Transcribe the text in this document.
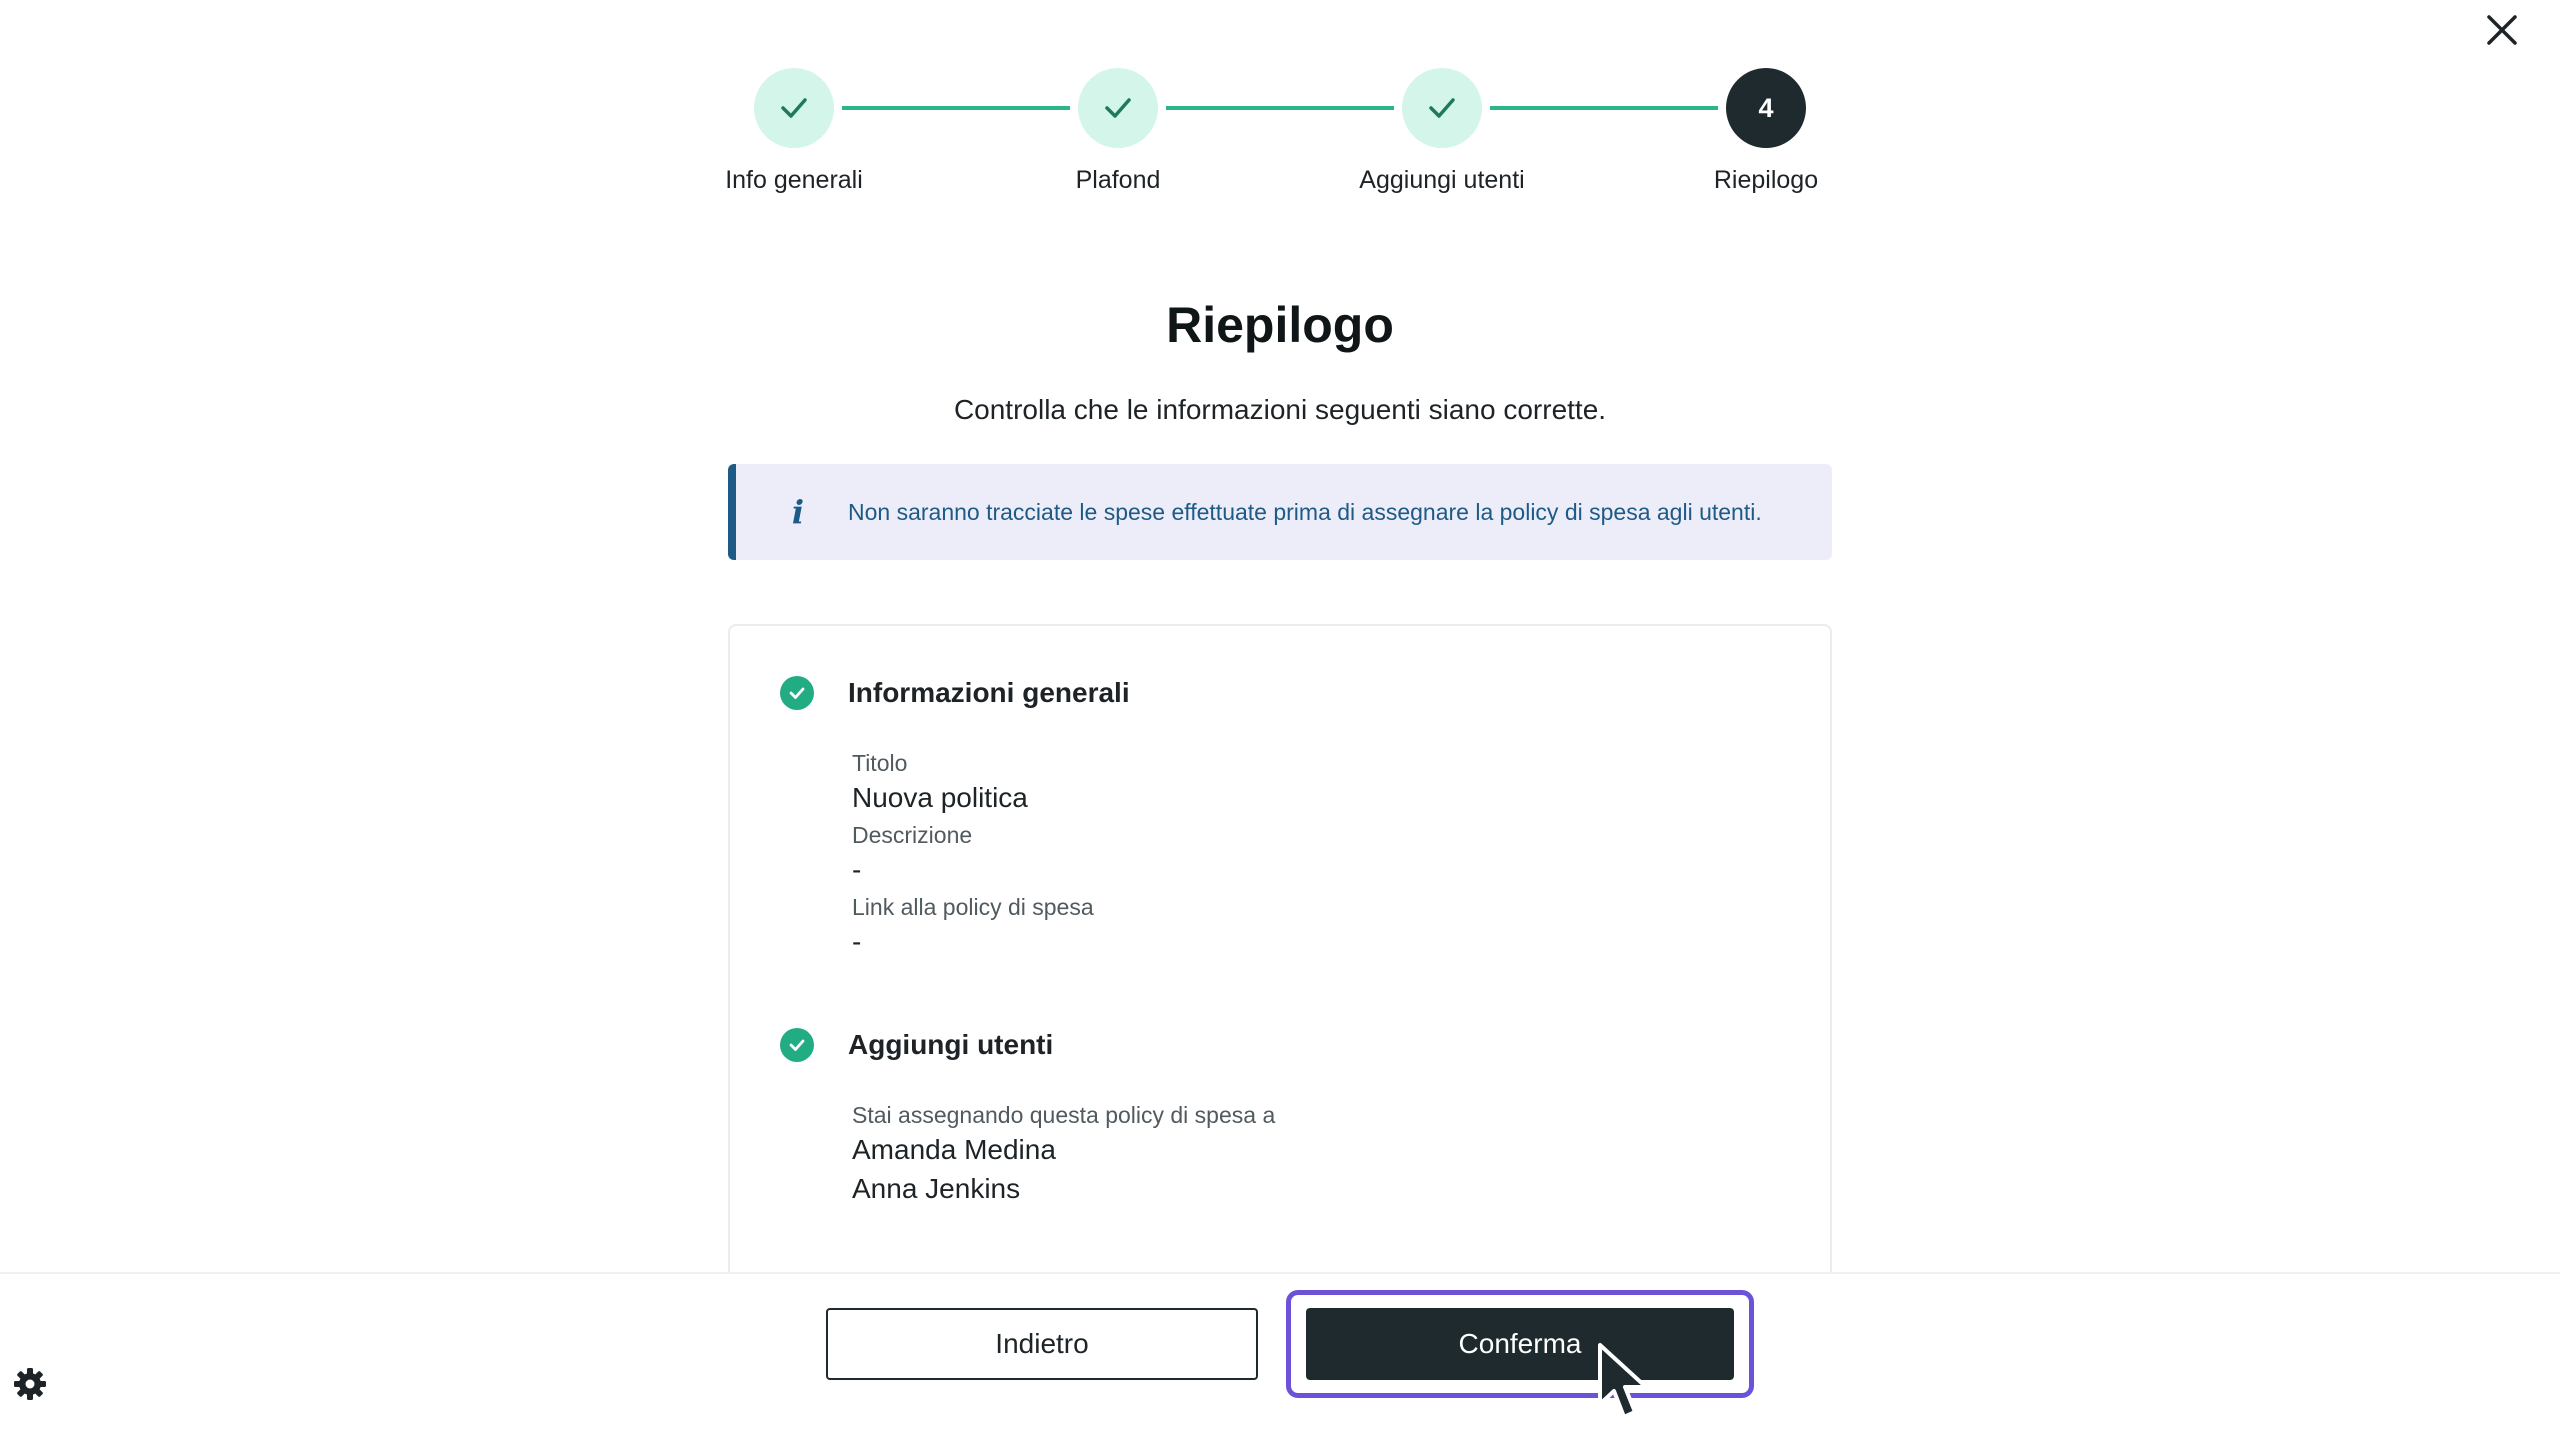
4
Info generali	Plafond	Aggiungi utenti	Riepilogo
Riepilogo

Controlla che le informazioni seguenti siano corrette.

i	Non saranno tracciate le spese effettuate prima di assegnare la policy di spesa agli utenti.
Informazioni generali
Titolo
Nuova politica
Descrizione
-
Link alla policy di spesa
-
Aggiungi utenti
Stai assegnando questa policy di spesa a
Amanda Medina
Anna Jenkins
Indietro	Conferma
